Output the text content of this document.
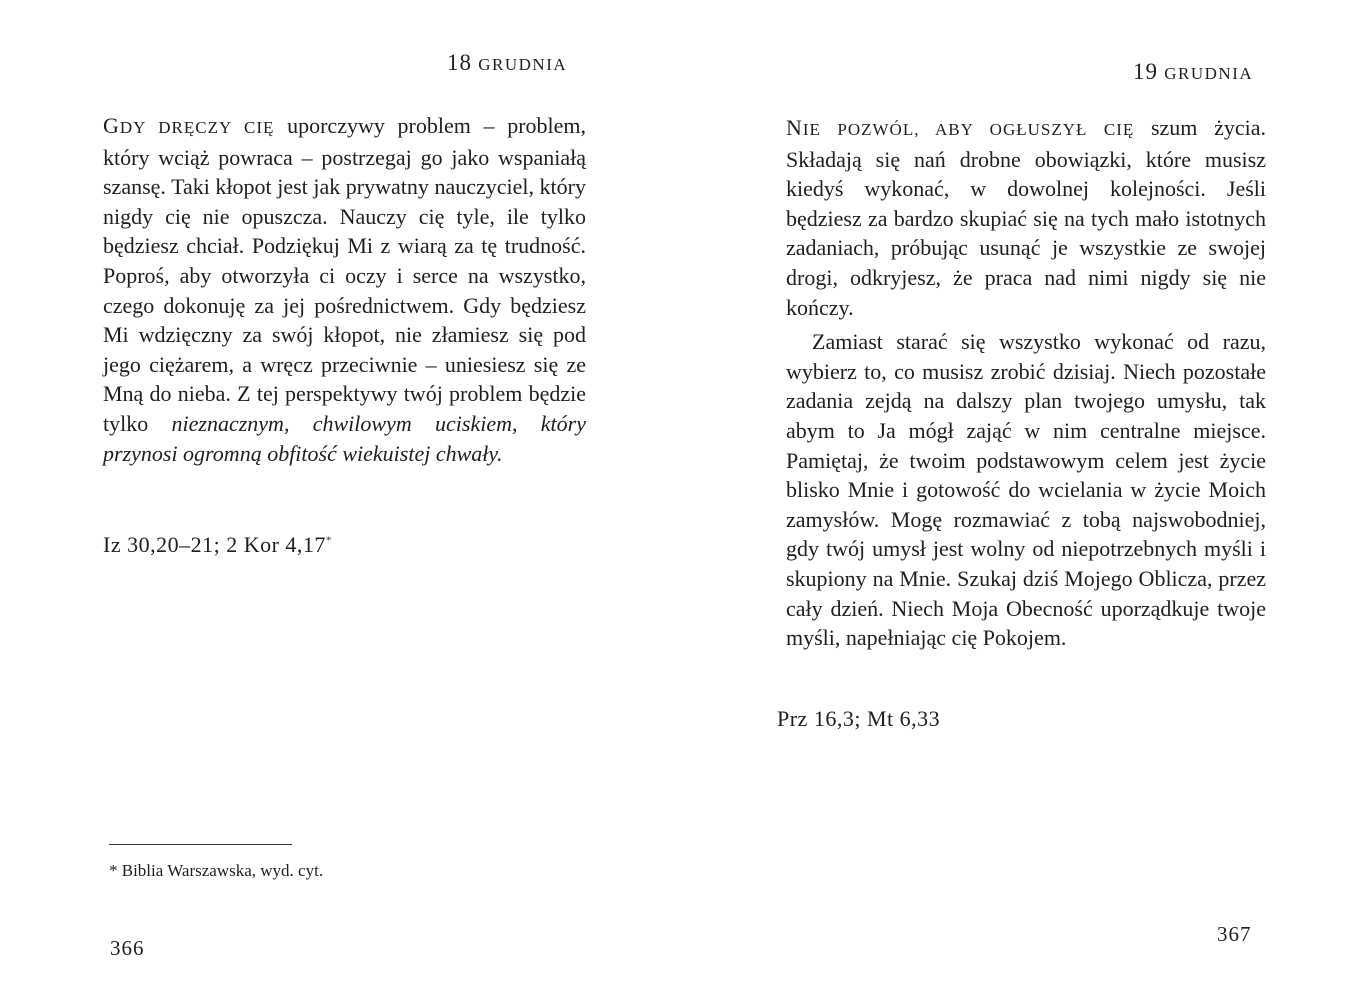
18 GRUDNIA

GDY DRĘCZY CIĘ uporczywy problem – problem, który wciąż powraca – postrzegaj go jako wspaniałą szansę. Taki kłopot jest jak prywatny nauczyciel, który nigdy cię nie opuszcza. Nauczy cię tyle, ile tylko będziesz chciał. Podziękuj Mi z wiarą za tę trudność. Poproś, aby otworzyła ci oczy i serce na wszystko, czego dokonuję za jej pośrednictwem. Gdy będziesz Mi wdzięczny za swój kłopot, nie złamiesz się pod jego ciężarem, a wręcz przeciwnie – uniesiesz się ze Mną do nieba. Z tej perspektywy twój problem będzie tylko nieznacznym, chwilowym uciskiem, który przynosi ogromną obfitość wiekuistej chwały.

Iz 30,20–21; 2 Kor 4,17*
* Biblia Warszawska, wyd. cyt.
366
19 GRUDNIA

NIE POZWÓL, ABY OGŁUSZYŁ CIĘ szum życia. Składają się nań drobne obowiązki, które musisz kiedyś wykonać, w dowolnej kolejności. Jeśli będziesz za bardzo skupiać się na tych mało istotnych zadaniach, próbując usunąć je wszystkie ze swojej drogi, odkryjesz, że praca nad nimi nigdy się nie kończy.

Zamiast starać się wszystko wykonać od razu, wybierz to, co musisz zrobić dzisiaj. Niech pozostałe zadania zejdą na dalszy plan twojego umysłu, tak abym to Ja mógł zająć w nim centralne miejsce. Pamiętaj, że twoim podstawowym celem jest życie blisko Mnie i gotowość do wcielania w życie Moich zamysłów. Mogę rozmawiać z tobą najswobodniej, gdy twój umysł jest wolny od niepotrzebnych myśli i skupiony na Mnie. Szukaj dziś Mojego Oblicza, przez cały dzień. Niech Moja Obecność uporządkuje twoje myśli, napełniając cię Pokojem.

Prz 16,3; Mt 6,33
367
